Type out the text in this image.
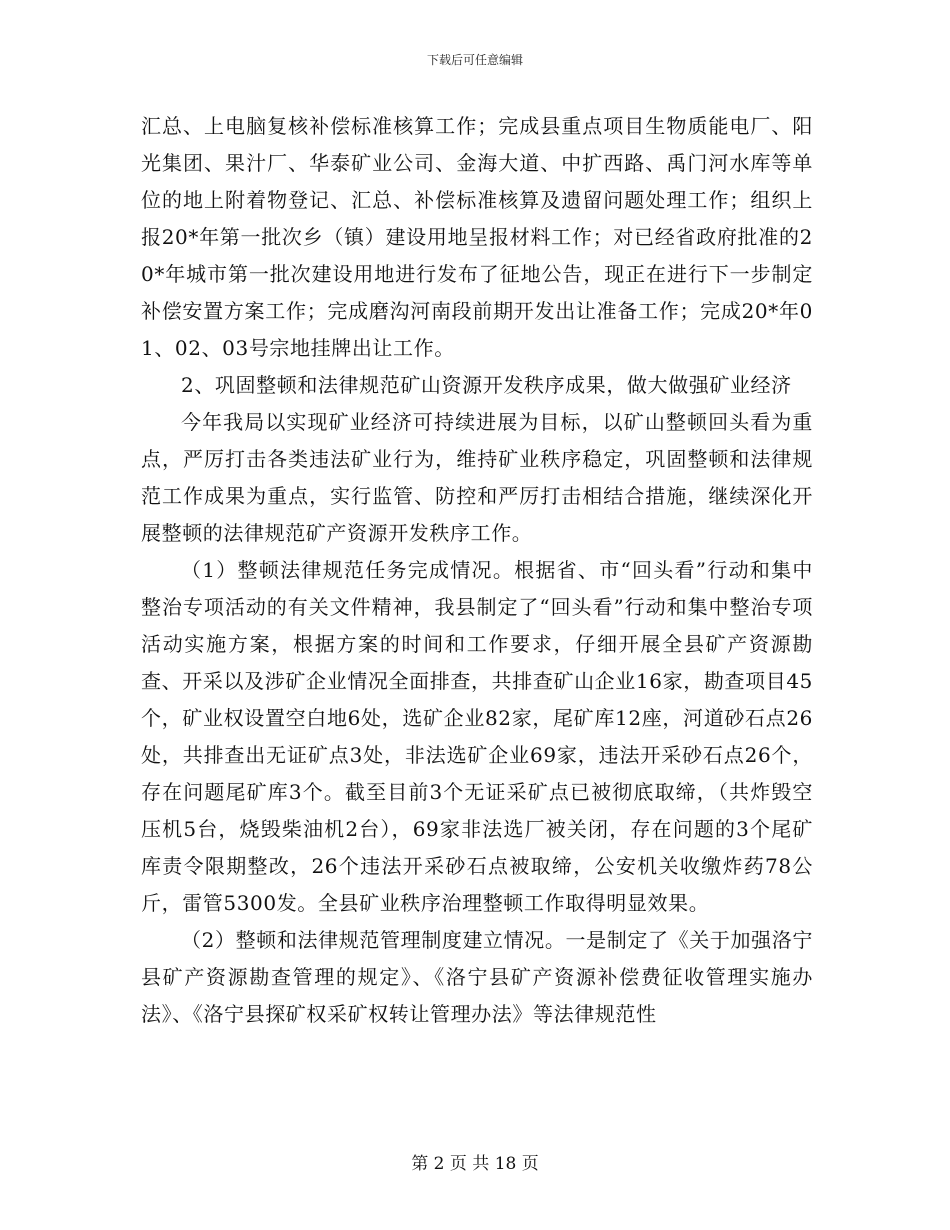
下载后可任意编辑

汇总、上电脑复核补偿标准核算工作；完成县重点项目生物质能电厂、阳光集团、果汁厂、华泰矿业公司、金海大道、中扩西路、禹门河水库等单位的地上附着物登记、汇总、补偿标准核算及遗留问题处理工作；组织上报20*年第一批次乡（镇）建设用地呈报材料工作；对已经省政府批准的20*年城市第一批次建设用地进行发布了征地公告，现正在进行下一步制定补偿安置方案工作；完成磨沟河南段前期开发出让准备工作；完成20*年01、02、03号宗地挂牌出让工作。

2、巩固整顿和法律规范矿山资源开发秩序成果，做大做强矿业经济

今年我局以实现矿业经济可持续进展为目标，以矿山整顿回头看为重点，严厉打击各类违法矿业行为，维持矿业秩序稳定，巩固整顿和法律规范工作成果为重点，实行监管、防控和严厉打击相结合措施，继续深化开展整顿的法律规范矿产资源开发秩序工作。

（1）整顿法律规范任务完成情况。根据省、市“回头看”行动和集中整治专项活动的有关文件精神，我县制定了“回头看”行动和集中整治专项活动实施方案，根据方案的时间和工作要求，仔细开展全县矿产资源勘查、开采以及涉矿企业情况全面排查，共排查矿山企业16家，勘查项目45个，矿业权设置空白地6处，选矿企业82家，尾矿库12座，河道砂石点26处，共排查出无证矿点3处，非法选矿企业69家，违法开采砂石点26个，存在问题尾矿库3个。截至目前3个无证采矿点已被彻底取缔，（共炸毁空压机5台，烧毁柴油机2台），69家非法选厂被关闭，存在问题的3个尾矿库责令限期整改，26个违法开采砂石点被取缔，公安机关收缴炸药78公斤，雷管5300发。全县矿业秩序治理整顿工作取得明显效果。

（2）整顿和法律规范管理制度建立情况。一是制定了《关于加强洛宁县矿产资源勘查管理的规定》、《洛宁县矿产资源补偿费征收管理实施办法》、《洛宁县探矿权采矿权转让管理办法》等法律规范性

第 2 页 共 18 页
